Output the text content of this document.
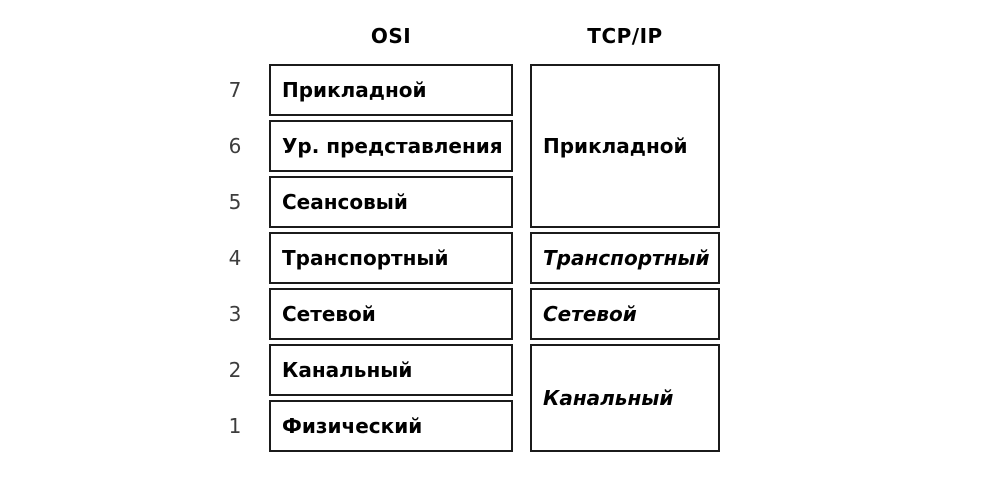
OSI	TCP/IP
7
6
5
4
3
2
1
Прикладной
Ур. представления
Сеансовый
Транспортный
Сетевой
Канальный
Физический
Прикладной
Транспортный
Сетевой
Канальный
